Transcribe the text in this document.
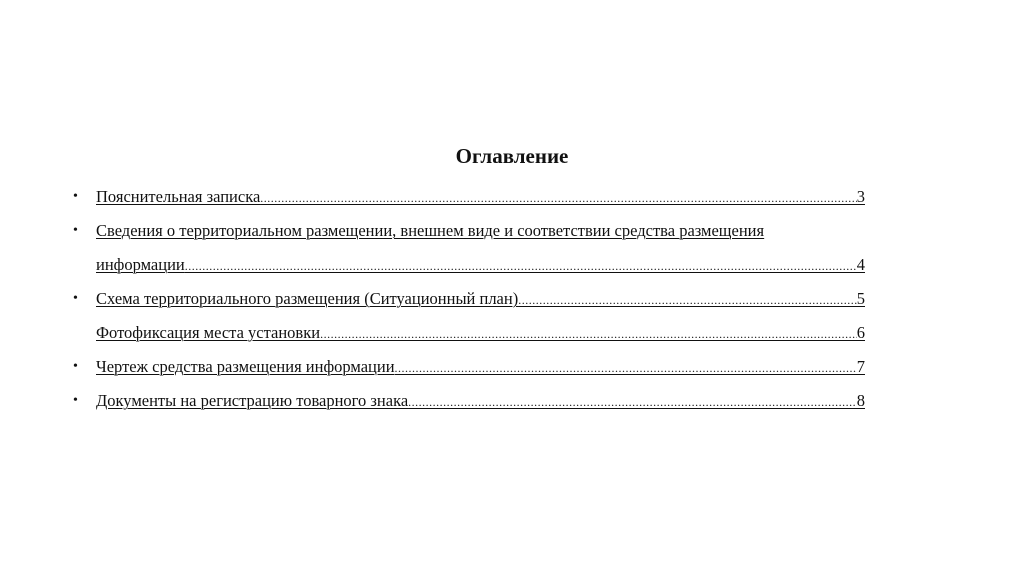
Оглавление
•	Пояснительная записка .....	3
•	Сведения о территориальном размещении, внешнем виде и соответствии средства размещения
информации .....	4
•	Схема территориального размещения (Ситуационный план) .....	5
Фотофиксация места установки .....	6
•	Чертеж средства размещения информации .....	7
•	Документы на регистрацию товарного знака .....	8
